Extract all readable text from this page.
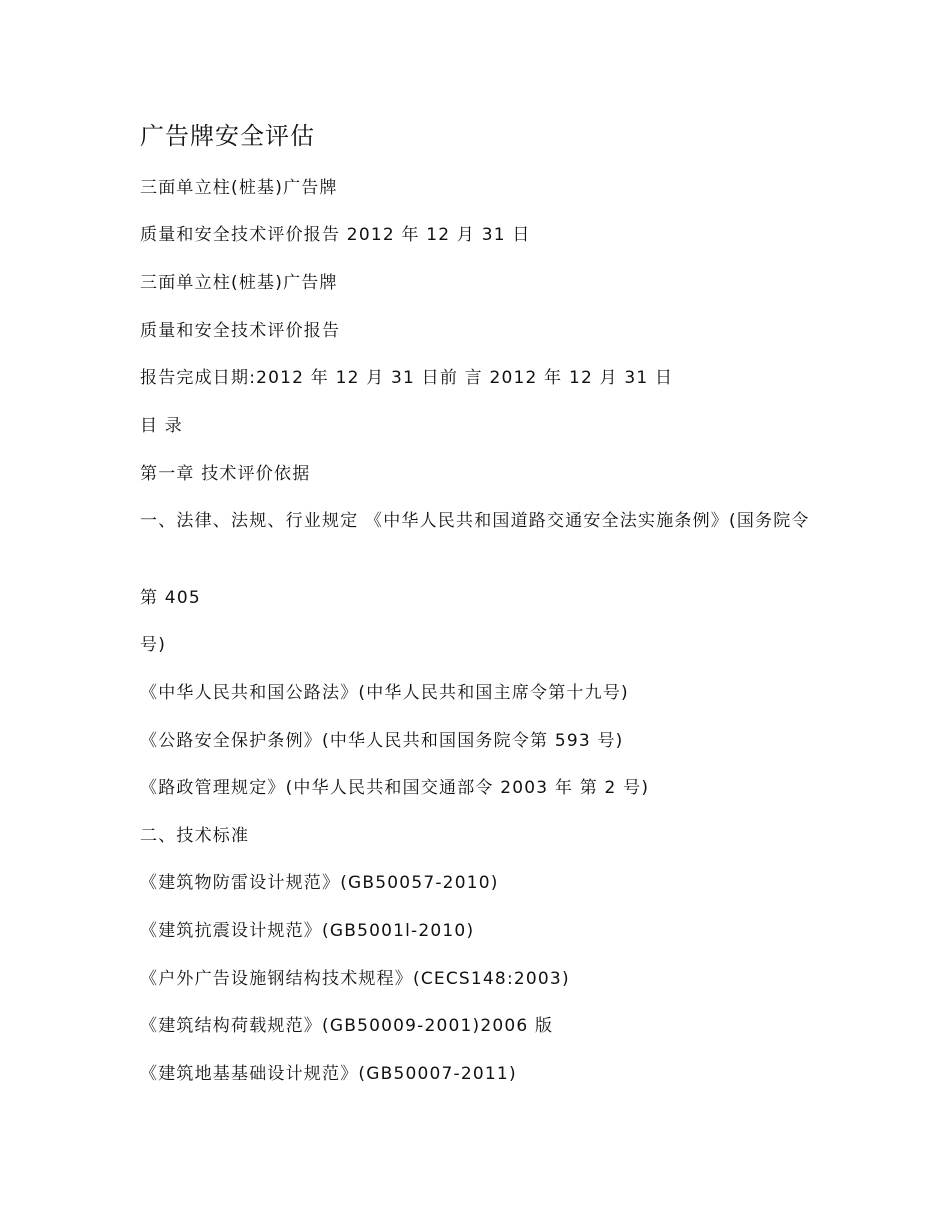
广告牌安全评估

三面单立柱(桩基)广告牌

质量和安全技术评价报告 2012 年 12 月 31 日

三面单立柱(桩基)广告牌

质量和安全技术评价报告

报告完成日期:2012 年 12 月 31 日前 言 2012 年 12 月 31 日

目 录

第一章 技术评价依据

一、法律、法规、行业规定 《中华人民共和国道路交通安全法实施条例》(国务院令

第 405

号)

《中华人民共和国公路法》(中华人民共和国主席令第十九号)

《公路安全保护条例》(中华人民共和国国务院令第 593 号)

《路政管理规定》(中华人民共和国交通部令 2003 年 第 2 号)

二、技术标准

《建筑物防雷设计规范》(GB50057-2010)

《建筑抗震设计规范》(GB5001l-2010)

《户外广告设施钢结构技术规程》(CECS148:2003)

《建筑结构荷载规范》(GB50009-2001)2006 版

《建筑地基基础设计规范》(GB50007-2011)
